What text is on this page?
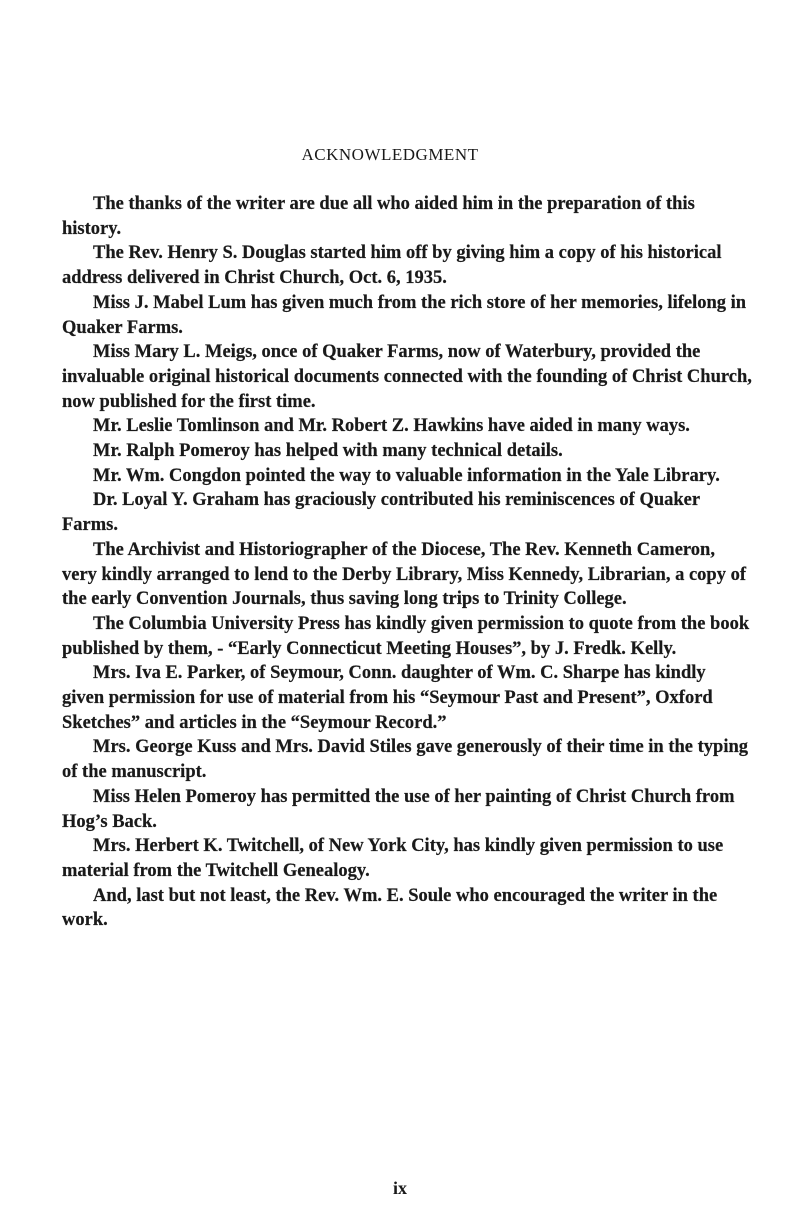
ACKNOWLEDGMENT

The thanks of the writer are due all who aided him in the preparation of this history.

The Rev. Henry S. Douglas started him off by giving him a copy of his historical address delivered in Christ Church, Oct. 6, 1935.

Miss J. Mabel Lum has given much from the rich store of her memories, lifelong in Quaker Farms.

Miss Mary L. Meigs, once of Quaker Farms, now of Waterbury, provided the invaluable original historical documents connected with the founding of Christ Church, now published for the first time.

Mr. Leslie Tomlinson and Mr. Robert Z. Hawkins have aided in many ways.

Mr. Ralph Pomeroy has helped with many technical details.

Mr. Wm. Congdon pointed the way to valuable information in the Yale Library.

Dr. Loyal Y. Graham has graciously contributed his reminiscences of Quaker Farms.

The Archivist and Historiographer of the Diocese, The Rev. Kenneth Cameron, very kindly arranged to lend to the Derby Library, Miss Kennedy, Librarian, a copy of the early Convention Journals, thus saving long trips to Trinity College.

The Columbia University Press has kindly given permission to quote from the book published by them, - “Early Connecticut Meeting Houses”, by J. Fredk. Kelly.

Mrs. Iva E. Parker, of Seymour, Conn. daughter of Wm. C. Sharpe has kindly given permission for use of material from his “Seymour Past and Present”, Oxford Sketches” and articles in the “Seymour Record.”

Mrs. George Kuss and Mrs. David Stiles gave generously of their time in the typing of the manuscript.

Miss Helen Pomeroy has permitted the use of her painting of Christ Church from Hog’s Back.

Mrs. Herbert K. Twitchell, of New York City, has kindly given permission to use material from the Twitchell Genealogy.

And, last but not least, the Rev. Wm. E. Soule who encouraged the writer in the work.

ix
